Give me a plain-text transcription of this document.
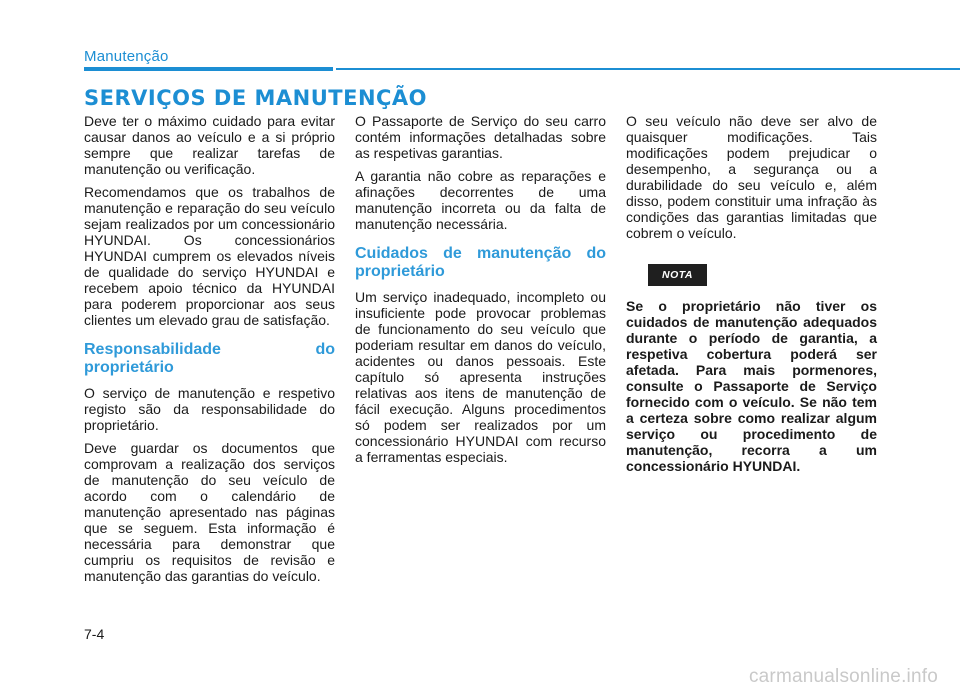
Manutenção
SERVIÇOS DE MANUTENÇÃO

Deve ter o máximo cuidado para evitar causar danos ao veículo e a si próprio sempre que realizar tarefas de manutenção ou verificação.

Recomendamos que os trabalhos de manutenção e reparação do seu veículo sejam realizados por um concessionário HYUNDAI. Os concessionários HYUNDAI cumprem os elevados níveis de qualidade do serviço HYUNDAI e recebem apoio técnico da HYUNDAI para poderem proporcionar aos seus clientes um elevado grau de satisfação.

Responsabilidade do proprietário

O serviço de manutenção e respetivo registo são da responsabilidade do proprietário.

Deve guardar os documentos que comprovam a realização dos serviços de manutenção do seu veículo de acordo com o calendário de manutenção apresentado nas páginas que se seguem. Esta informação é necessária para demonstrar que cumpriu os requisitos de revisão e manutenção das garantias do veículo.

O Passaporte de Serviço do seu carro contém informações detalhadas sobre as respetivas garantias.

A garantia não cobre as reparações e afinações decorrentes de uma manutenção incorreta ou da falta de manutenção necessária.

Cuidados de manutenção do proprietário

Um serviço inadequado, incompleto ou insuficiente pode provocar problemas de funcionamento do seu veículo que poderiam resultar em danos do veículo, acidentes ou danos pessoais. Este capítulo só apresenta instruções relativas aos itens de manutenção de fácil execução. Alguns procedimentos só podem ser realizados por um concessionário HYUNDAI com recurso a ferramentas especiais.

O seu veículo não deve ser alvo de quaisquer modificações. Tais modificações podem prejudicar o desempenho, a segurança ou a durabilidade do seu veículo e, além disso, podem constituir uma infração às condições das garantias limitadas que cobrem o veículo.

NOTA

Se o proprietário não tiver os cuidados de manutenção adequados durante o período de garantia, a respetiva cobertura poderá ser afetada. Para mais pormenores, consulte o Passaporte de Serviço fornecido com o veículo. Se não tem a certeza sobre como realizar algum serviço ou procedimento de manutenção, recorra a um concessionário HYUNDAI.

7-4
carmanualsonline.info
